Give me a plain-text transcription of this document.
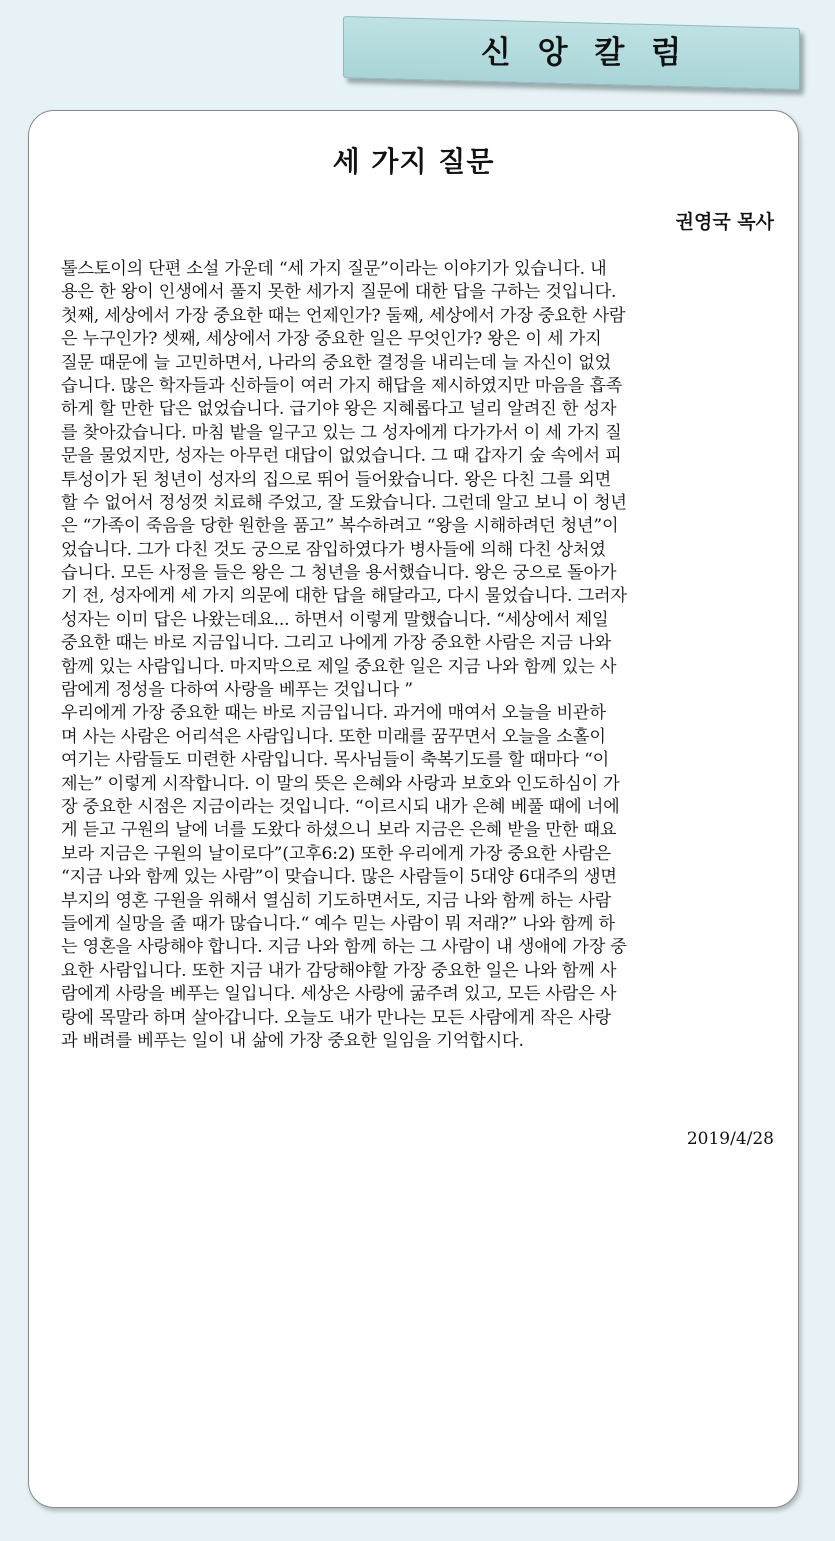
신 앙 칼 럼
세 가지 질문
권영국 목사
톨스토이의 단편 소설 가운데 “세 가지 질문”이라는 이야기가 있습니다. 내
용은 한 왕이 인생에서 풀지 못한 세가지 질문에 대한 답을 구하는 것입니다.
첫째, 세상에서 가장 중요한 때는 언제인가? 둘째, 세상에서 가장 중요한 사람
은 누구인가? 셋째, 세상에서 가장 중요한 일은 무엇인가? 왕은 이 세 가지
질문 때문에 늘 고민하면서, 나라의 중요한 결정을 내리는데 늘 자신이 없었
습니다. 많은 학자들과 신하들이 여러 가지 해답을 제시하였지만 마음을 흡족
하게 할 만한 답은 없었습니다. 급기야 왕은 지혜롭다고 널리 알려진 한 성자
를 찾아갔습니다. 마침 밭을 일구고 있는 그 성자에게 다가가서 이 세 가지 질
문을 물었지만, 성자는 아무런 대답이 없었습니다. 그 때 갑자기 숲 속에서 피
투성이가 된 청년이 성자의 집으로 뛰어 들어왔습니다. 왕은 다친 그를 외면
할 수 없어서 정성껏 치료해 주었고, 잘 도왔습니다. 그런데 알고 보니 이 청년
은 “가족이 죽음을 당한 원한을 품고” 복수하려고 “왕을 시해하려던 청년”이
었습니다. 그가 다친 것도 궁으로 잠입하였다가 병사들에 의해 다친 상처였
습니다. 모든 사정을 들은 왕은 그 청년을 용서했습니다. 왕은 궁으로 돌아가
기 전, 성자에게 세 가지 의문에 대한 답을 해달라고, 다시 물었습니다. 그러자
성자는 이미 답은 나왔는데요... 하면서 이렇게 말했습니다. “세상에서 제일
중요한 때는 바로 지금입니다. 그리고 나에게 가장 중요한 사람은 지금 나와
함께 있는 사람입니다. 마지막으로 제일 중요한 일은 지금 나와 함께 있는 사
람에게 정성을 다하여 사랑을 베푸는 것입니다 ”
우리에게 가장 중요한 때는 바로 지금입니다. 과거에 매여서 오늘을 비관하
며 사는 사람은 어리석은 사람입니다. 또한 미래를 꿈꾸면서 오늘을 소홀이
여기는 사람들도 미련한 사람입니다. 목사님들이 축복기도를 할 때마다 “이
제는” 이렇게 시작합니다. 이 말의 뜻은 은혜와 사랑과 보호와 인도하심이 가
장 중요한 시점은 지금이라는 것입니다. “이르시되 내가 은혜 베풀 때에 너에
게 듣고 구원의 날에 너를 도왔다 하셨으니 보라 지금은 은혜 받을 만한 때요
보라 지금은 구원의 날이로다”(고후6:2) 또한 우리에게 가장 중요한 사람은
“지금 나와 함께 있는 사람”이 맞습니다. 많은 사람들이 5대양 6대주의 생면
부지의 영혼 구원을 위해서 열심히 기도하면서도, 지금 나와 함께 하는 사람
들에게 실망을 줄 때가 많습니다.“ 예수 믿는 사람이 뭐 저래?” 나와 함께 하
는 영혼을 사랑해야 합니다. 지금 나와 함께 하는 그 사람이 내 생애에 가장 중
요한 사람입니다. 또한 지금 내가 감당해야할 가장 중요한 일은 나와 함께 사
람에게 사랑을 베푸는 일입니다. 세상은 사랑에 굶주려 있고, 모든 사람은 사
랑에 목말라 하며 살아갑니다. 오늘도 내가 만나는 모든 사람에게 작은 사랑
과 배려를 베푸는 일이 내 삶에 가장 중요한 일임을 기억합시다.
2019/4/28
